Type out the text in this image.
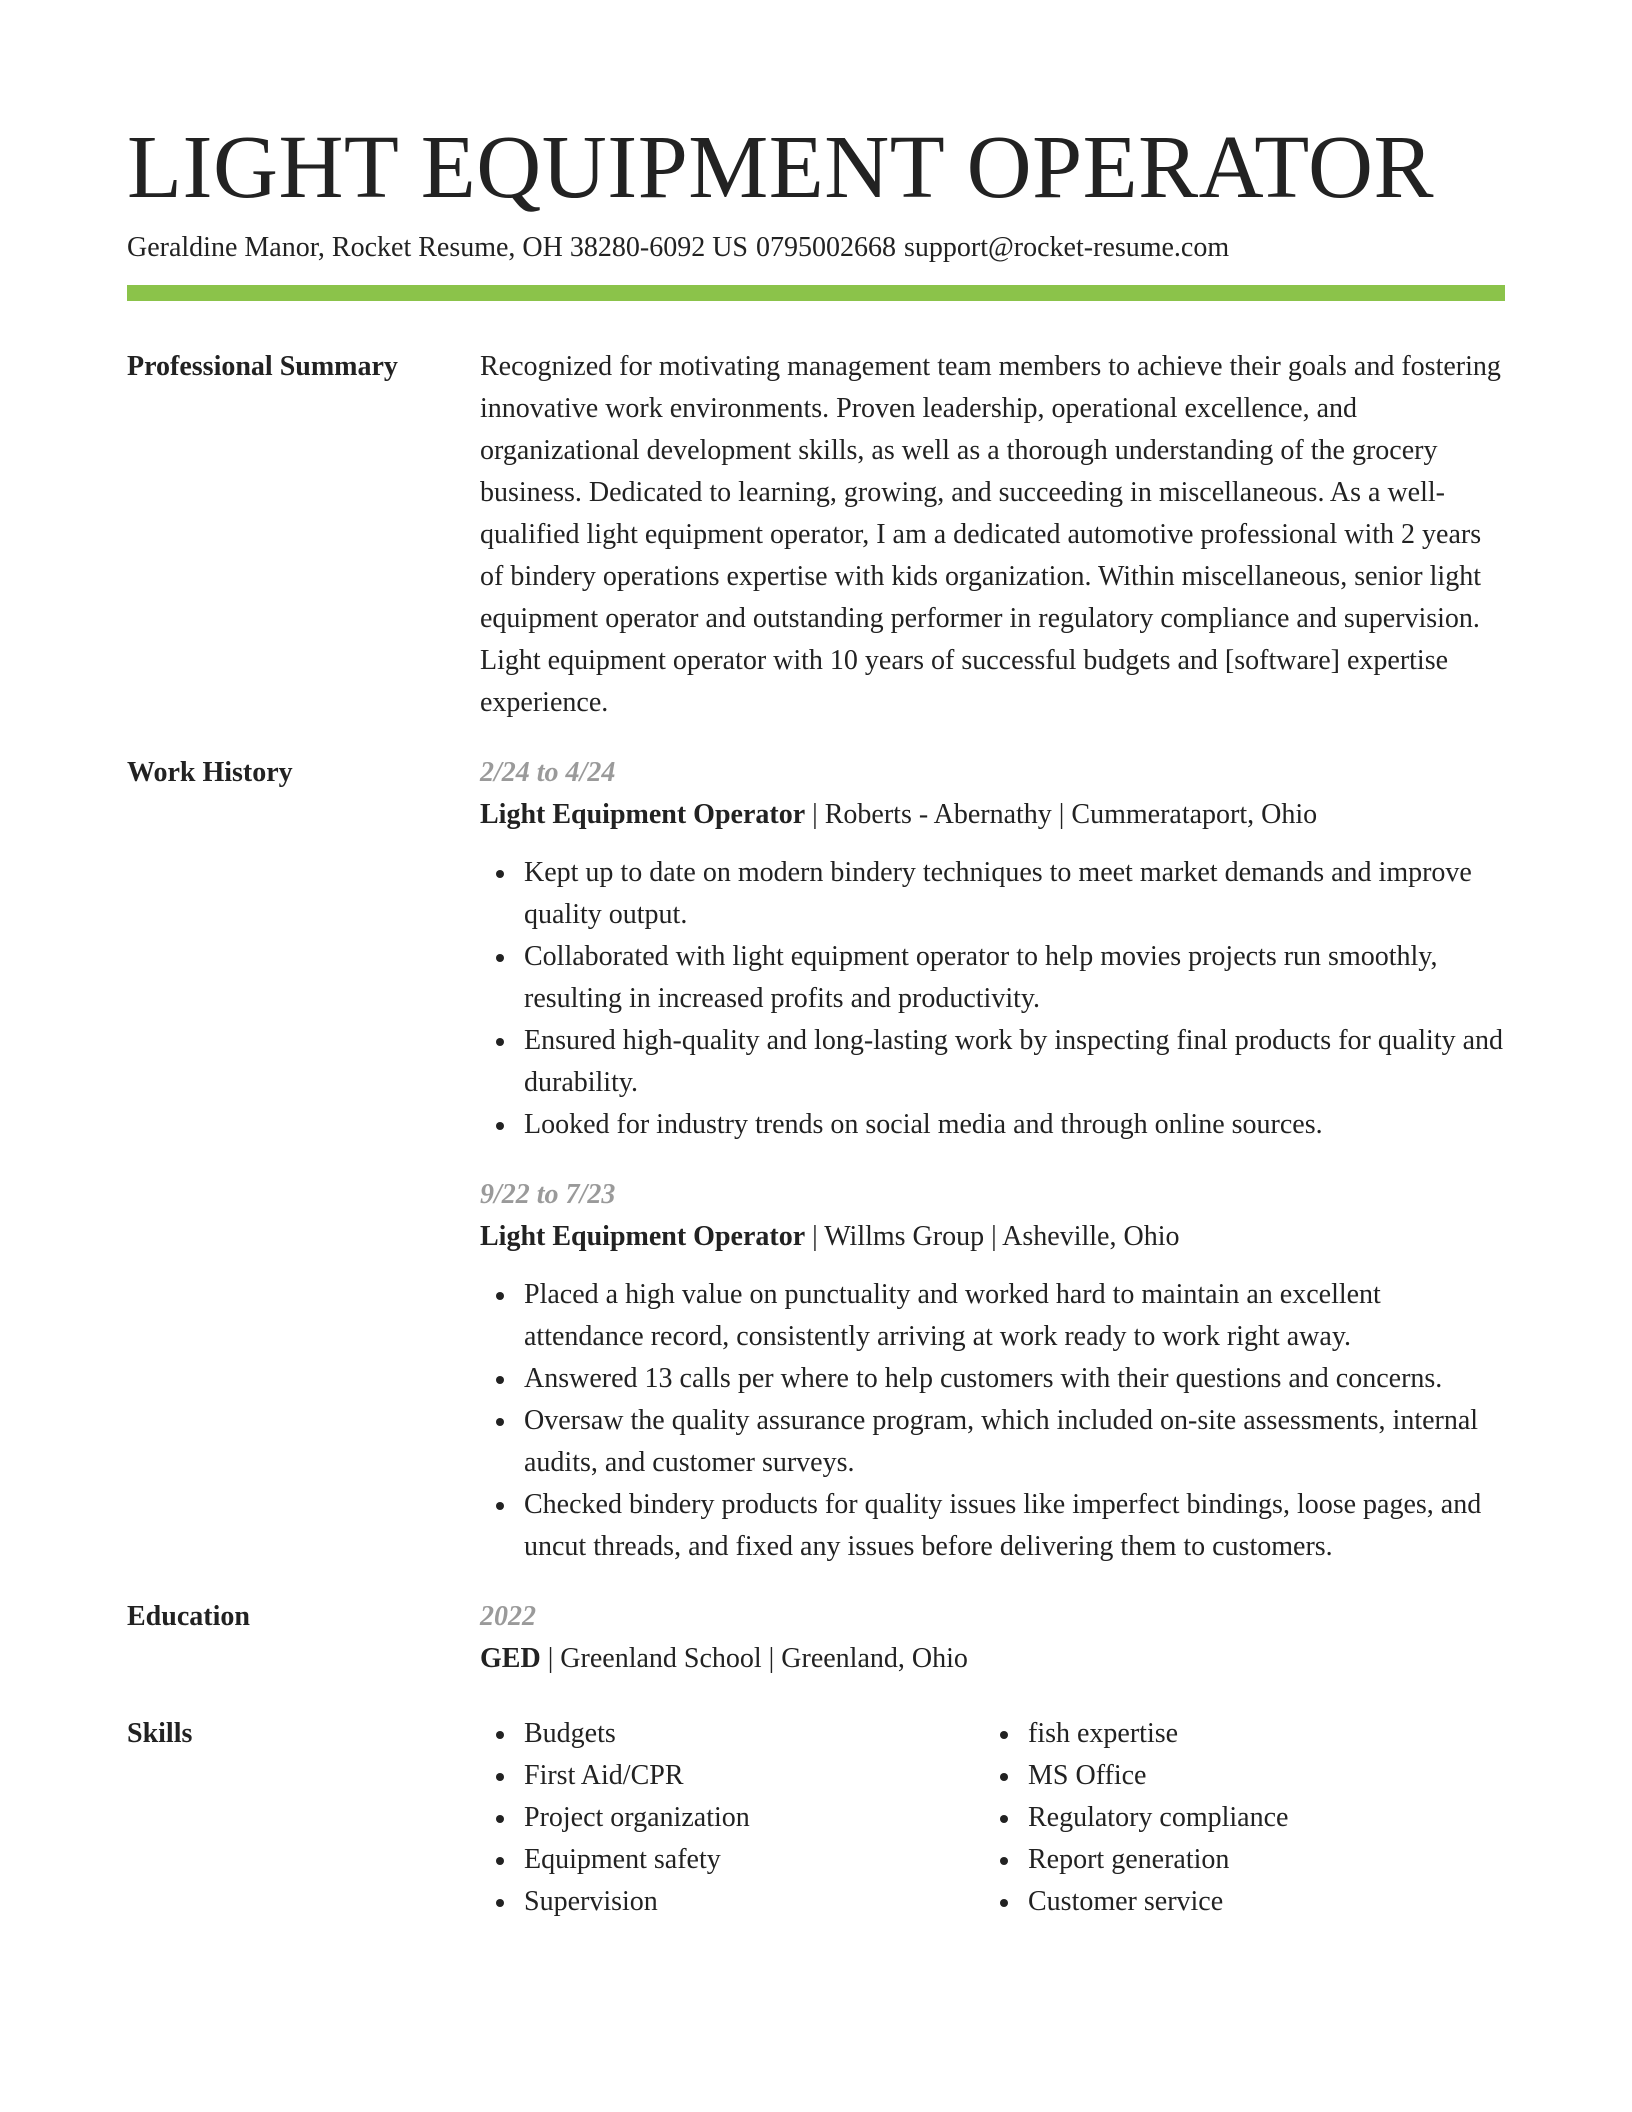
LIGHT EQUIPMENT OPERATOR
Geraldine Manor, Rocket Resume, OH 38280-6092 US 0795002668 support@rocket-resume.com
Professional Summary	Recognized for motivating management team members to achieve their goals and fostering innovative work environments. Proven leadership, operational excellence, and organizational development skills, as well as a thorough understanding of the grocery business. Dedicated to learning, growing, and succeeding in miscellaneous. As a well-qualified light equipment operator, I am a dedicated automotive professional with 2 years of bindery operations expertise with kids organization. Within miscellaneous, senior light equipment operator and outstanding performer in regulatory compliance and supervision. Light equipment operator with 10 years of successful budgets and [software] expertise experience.

Work History	2/24 to 4/24
Light Equipment Operator | Roberts - Abernathy | Cummerataport, Ohio
Kept up to date on modern bindery techniques to meet market demands and improve quality output.
Collaborated with light equipment operator to help movies projects run smoothly, resulting in increased profits and productivity.
Ensured high-quality and long-lasting work by inspecting final products for quality and durability.
Looked for industry trends on social media and through online sources.
9/22 to 7/23
Light Equipment Operator | Willms Group | Asheville, Ohio
Placed a high value on punctuality and worked hard to maintain an excellent attendance record, consistently arriving at work ready to work right away.
Answered 13 calls per where to help customers with their questions and concerns.
Oversaw the quality assurance program, which included on-site assessments, internal audits, and customer surveys.
Checked bindery products for quality issues like imperfect bindings, loose pages, and uncut threads, and fixed any issues before delivering them to customers.
Education	2022
GED | Greenland School | Greenland, Ohio
Skills	Budgets
First Aid/CPR
Project organization
Equipment safety
Supervision
fish expertise
MS Office
Regulatory compliance
Report generation
Customer service
